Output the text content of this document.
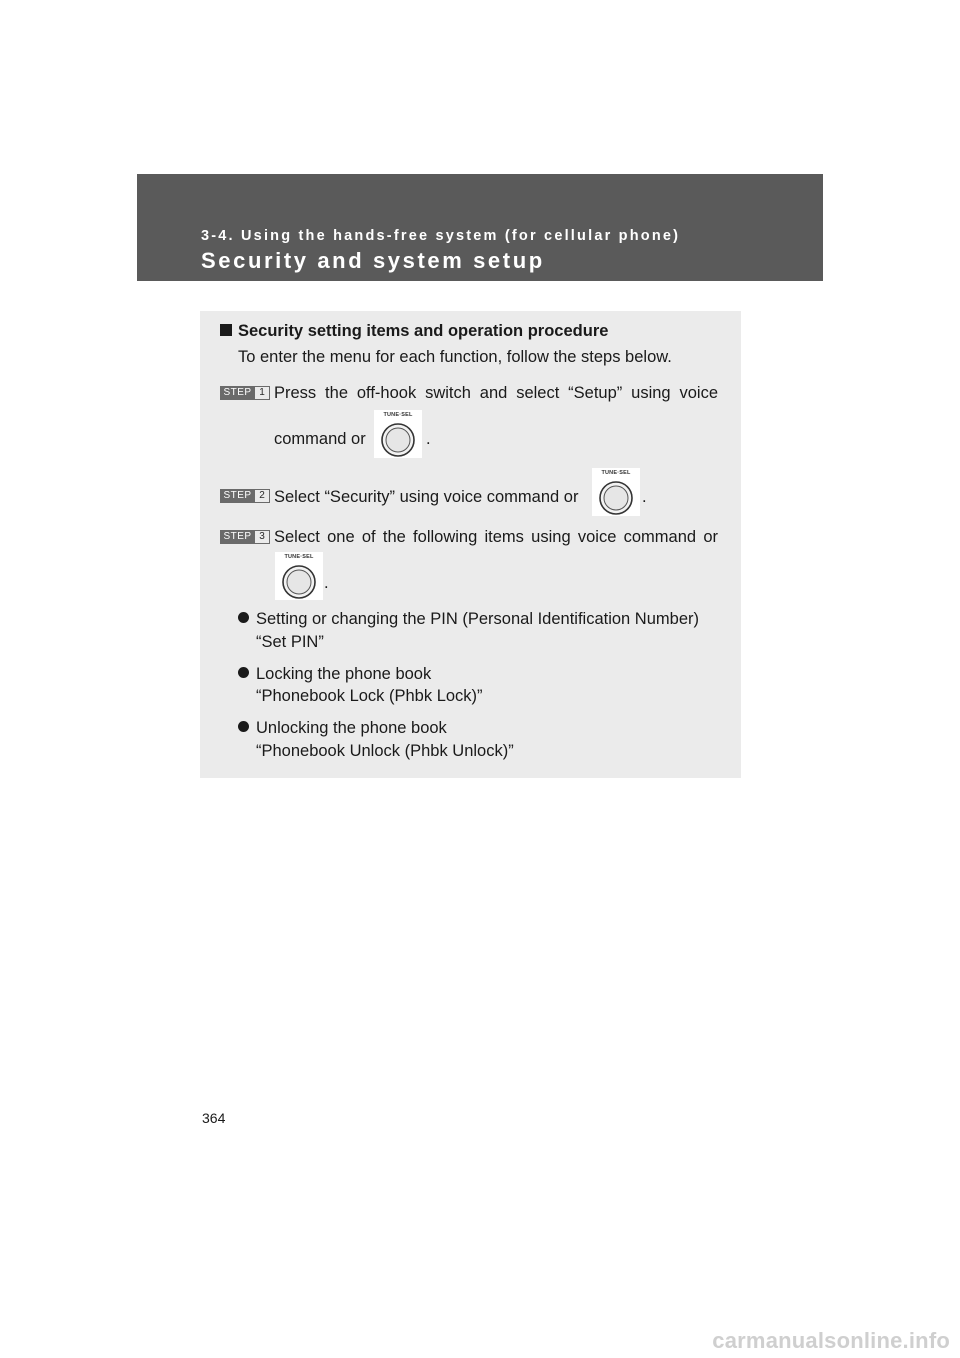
3-4. Using the hands-free system (for cellular phone)
Security and system setup
Security setting items and operation procedure
To enter the menu for each function, follow the steps below.
STEP 1 Press the off-hook switch and select “Setup” using voice
command or
TUNE·SEL
.
STEP 2 Select “Security” using voice command or
TUNE·SEL
.
STEP 3 Select one of the following items using voice command or
TUNE·SEL
.
Setting or changing the PIN (Personal Identification Number)
“Set PIN”
Locking the phone book
“Phonebook Lock (Phbk Lock)”
Unlocking the phone book
“Phonebook Unlock (Phbk Unlock)”
364
carmanualsonline.info
